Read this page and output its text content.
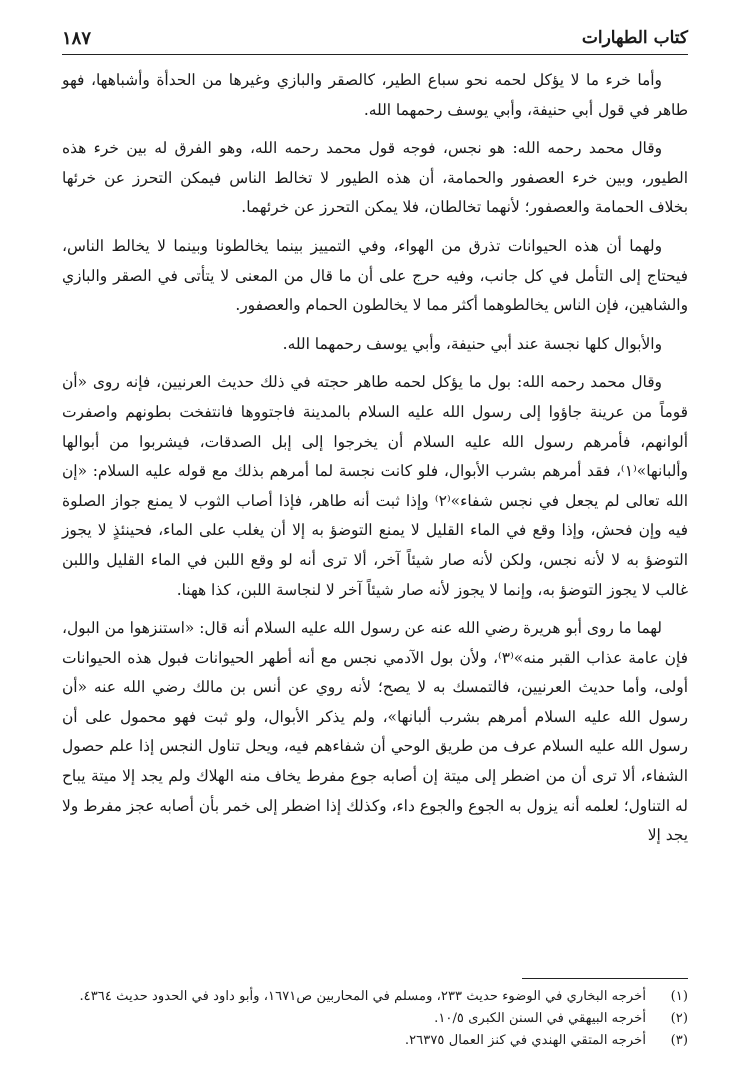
كتاب الطهارات
١٨٧

وأما خرء ما لا يؤكل لحمه نحو سباع الطير، كالصقر والبازي وغيرها من الحدأة وأشباهها، فهو طاهر في قول أبي حنيفة، وأبي يوسف رحمهما الله.

وقال محمد رحمه الله: هو نجس، فوجه قول محمد رحمه الله، وهو الفرق له بين خرء هذه الطيور، وبين خرء العصفور والحمامة، أن هذه الطيور لا تخالط الناس فيمكن التحرز عن خرئها بخلاف الحمامة والعصفور؛ لأنهما تخالطان، فلا يمكن التحرز عن خرئهما.

ولهما أن هذه الحيوانات تذرق من الهواء، وفي التمييز بينما يخالطونا وبينما لا يخالط الناس، فيحتاج إلى التأمل في كل جانب، وفيه حرج على أن ما قال من المعنى لا يتأتى في الصقر والبازي والشاهين، فإن الناس يخالطوهما أكثر مما لا يخالطون الحمام والعصفور.

والأبوال كلها نجسة عند أبي حنيفة، وأبي يوسف رحمهما الله.

وقال محمد رحمه الله: بول ما يؤكل لحمه طاهر حجته في ذلك حديث العرنيين، فإنه روى «أن قوماً من عرينة جاؤوا إلى رسول الله عليه السلام بالمدينة فاجتووها فانتفخت بطونهم واصفرت ألوانهم، فأمرهم رسول الله عليه السلام أن يخرجوا إلى إبل الصدقات، فيشربوا من أبوالها وألبانها»⁽١⁾، فقد أمرهم بشرب الأبوال، فلو كانت نجسة لما أمرهم بذلك مع قوله عليه السلام: «إن الله تعالى لم يجعل في نجس شفاء»⁽٢⁾ وإذا ثبت أنه طاهر، فإذا أصاب الثوب لا يمنع جواز الصلوة فيه وإن فحش، وإذا وقع في الماء القليل لا يمنع التوضؤ به إلا أن يغلب على الماء، فحينئذٍ لا يجوز التوضؤ به لا لأنه نجس، ولكن لأنه صار شيئاً آخر، ألا ترى أنه لو وقع اللبن في الماء القليل واللبن غالب لا يجوز التوضؤ به، وإنما لا يجوز لأنه صار شيئاً آخر لا لنجاسة اللبن، كذا ههنا.

لهما ما روى أبو هريرة رضي الله عنه عن رسول الله عليه السلام أنه قال: «استنزهوا من البول، فإن عامة عذاب القبر منه»⁽٣⁾، ولأن بول الآدمي نجس مع أنه أطهر الحيوانات فبول هذه الحيوانات أولى، وأما حديث العرنيين، فالتمسك به لا يصح؛ لأنه روي عن أنس بن مالك رضي الله عنه «أن رسول الله عليه السلام أمرهم بشرب ألبانها»، ولم يذكر الأبوال، ولو ثبت فهو محمول على أن رسول الله عليه السلام عرف من طريق الوحي أن شفاءهم فيه، ويحل تناول النجس إذا علم حصول الشفاء، ألا ترى أن من اضطر إلى ميتة إن أصابه جوع مفرط يخاف منه الهلاك ولم يجد إلا ميتة يباح له التناول؛ لعلمه أنه يزول به الجوع والجوع داء، وكذلك إذا اضطر إلى خمر بأن أصابه عجز مفرط ولا يجد إلا

(١)
أخرجه البخاري في الوضوء حديث ٢٣٣، ومسلم في المحاربين ص١٦٧١، وأبو داود في الحدود حديث ٤٣٦٤.
(٢)
أخرجه البيهقي في السنن الكبرى ١٠/٥.
(٣)
أخرجه المتقي الهندي في كنز العمال ٢٦٣٧٥.
